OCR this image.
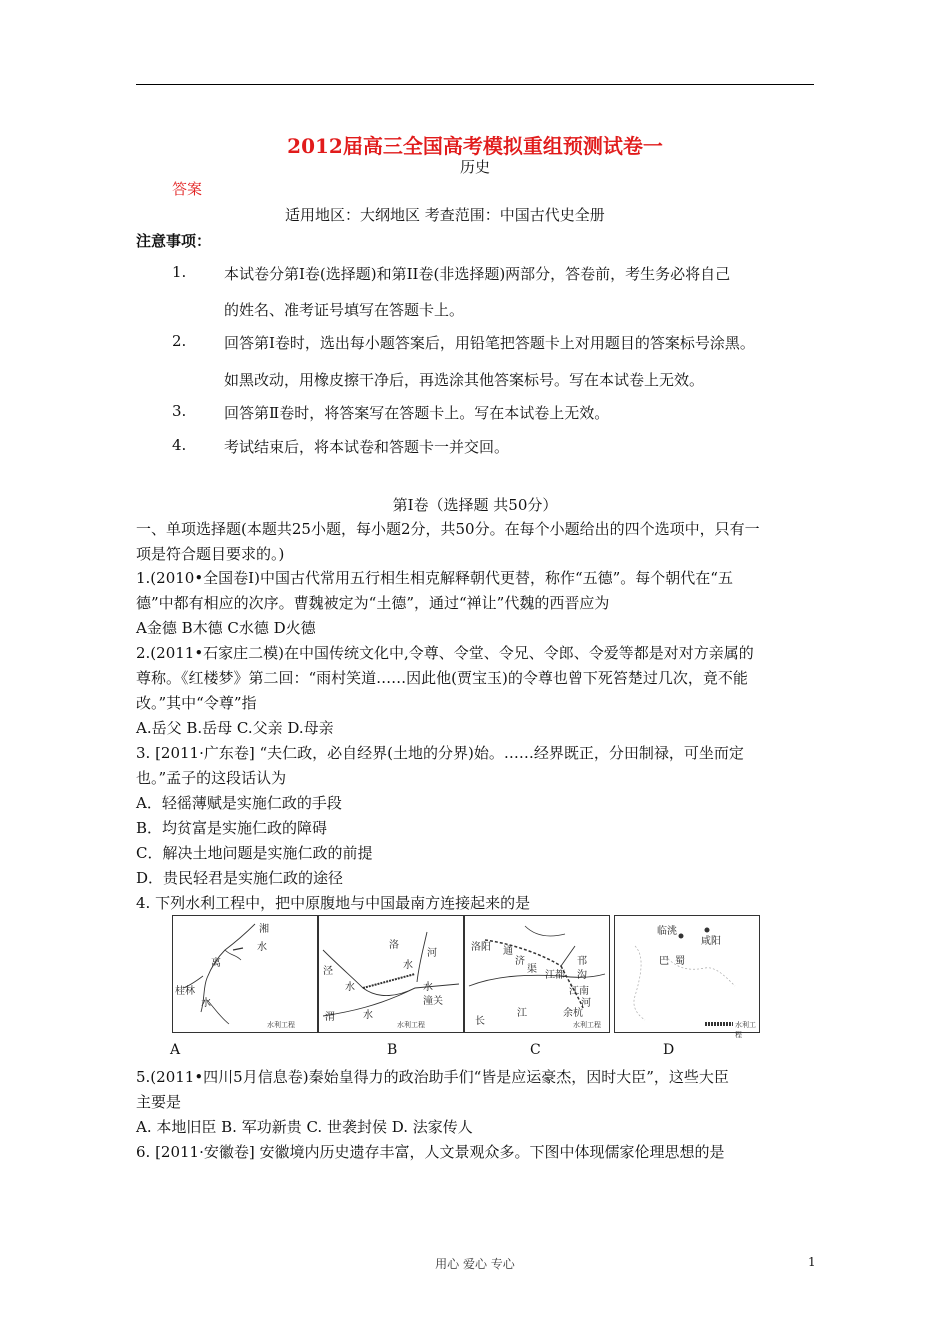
2012届高三全国高考模拟重组预测试卷一
历史
答案
适用地区：大纲地区 考查范围：中国古代史全册
注意事项：
1.	本试卷分第Ⅰ卷(选择题)和第II卷(非选择题)两部分，答卷前，考生务必将自己
的姓名、准考证号填写在答题卡上。
2.	回答第Ⅰ卷时，选出每小题答案后，用铅笔把答题卡上对用题目的答案标号涂黑。
如黑改动，用橡皮擦干净后，再选涂其他答案标号。写在本试卷上无效。
3.	回答第Ⅱ卷时，将答案写在答题卡上。写在本试卷上无效。
4.	考试结束后，将本试卷和答题卡一并交回。
第Ⅰ卷（选择题 共50分）
一、单项选择题(本题共25小题，每小题2分，共50分。在每个小题给出的四个选项中，只有一
项是符合题目要求的。)
1.(2010•全国卷Ⅰ)中国古代常用五行相生相克解释朝代更替，称作“五德”。每个朝代在“五
德”中都有相应的次序。曹魏被定为“土德”，通过“禅让”代魏的西晋应为
A金德 B木德 C水德 D火德
2.(2011•石家庄二模)在中国传统文化中,令尊、令堂、令兄、令郎、令爱等都是对对方亲属的
尊称。《红楼梦》第二回：“雨村笑道……因此他(贾宝玉)的令尊也曾下死笞楚过几次，竟不能
改。”其中“令尊”指
A.岳父 B.岳母 C.父亲 D.母亲
3. [2011·广东卷] “夫仁政，必自经界(土地的分界)始。……经界既正，分田制禄，可坐而定
也。”孟子的这段话认为
A．轻徭薄赋是实施仁政的手段
B．均贫富是实施仁政的障碍
C．解决土地问题是实施仁政的前提
D．贵民轻君是实施仁政的途径
4. 下列水利工程中，把中原腹地与中国最南方连接起来的是
湘
水
离
桂林
水
水利工程
洛
水
河
泾
水	水
潼关
渭	水
水利工程
洛阳 通
济
渠
江都
邗
沟
江南
河
长
江	余杭
水利工程
临洮
咸阳
巴 蜀
水利工程
A	B	C	D
5.(2011•四川5月信息卷)秦始皇得力的政治助手们“皆是应运豪杰，因时大臣”，这些大臣
主要是
A. 本地旧臣 B. 军功新贵 C. 世袭封侯 D. 法家传人
6. [2011·安徽卷] 安徽境内历史遗存丰富，人文景观众多。下图中体现儒家伦理思想的是
用心 爱心 专心	1
